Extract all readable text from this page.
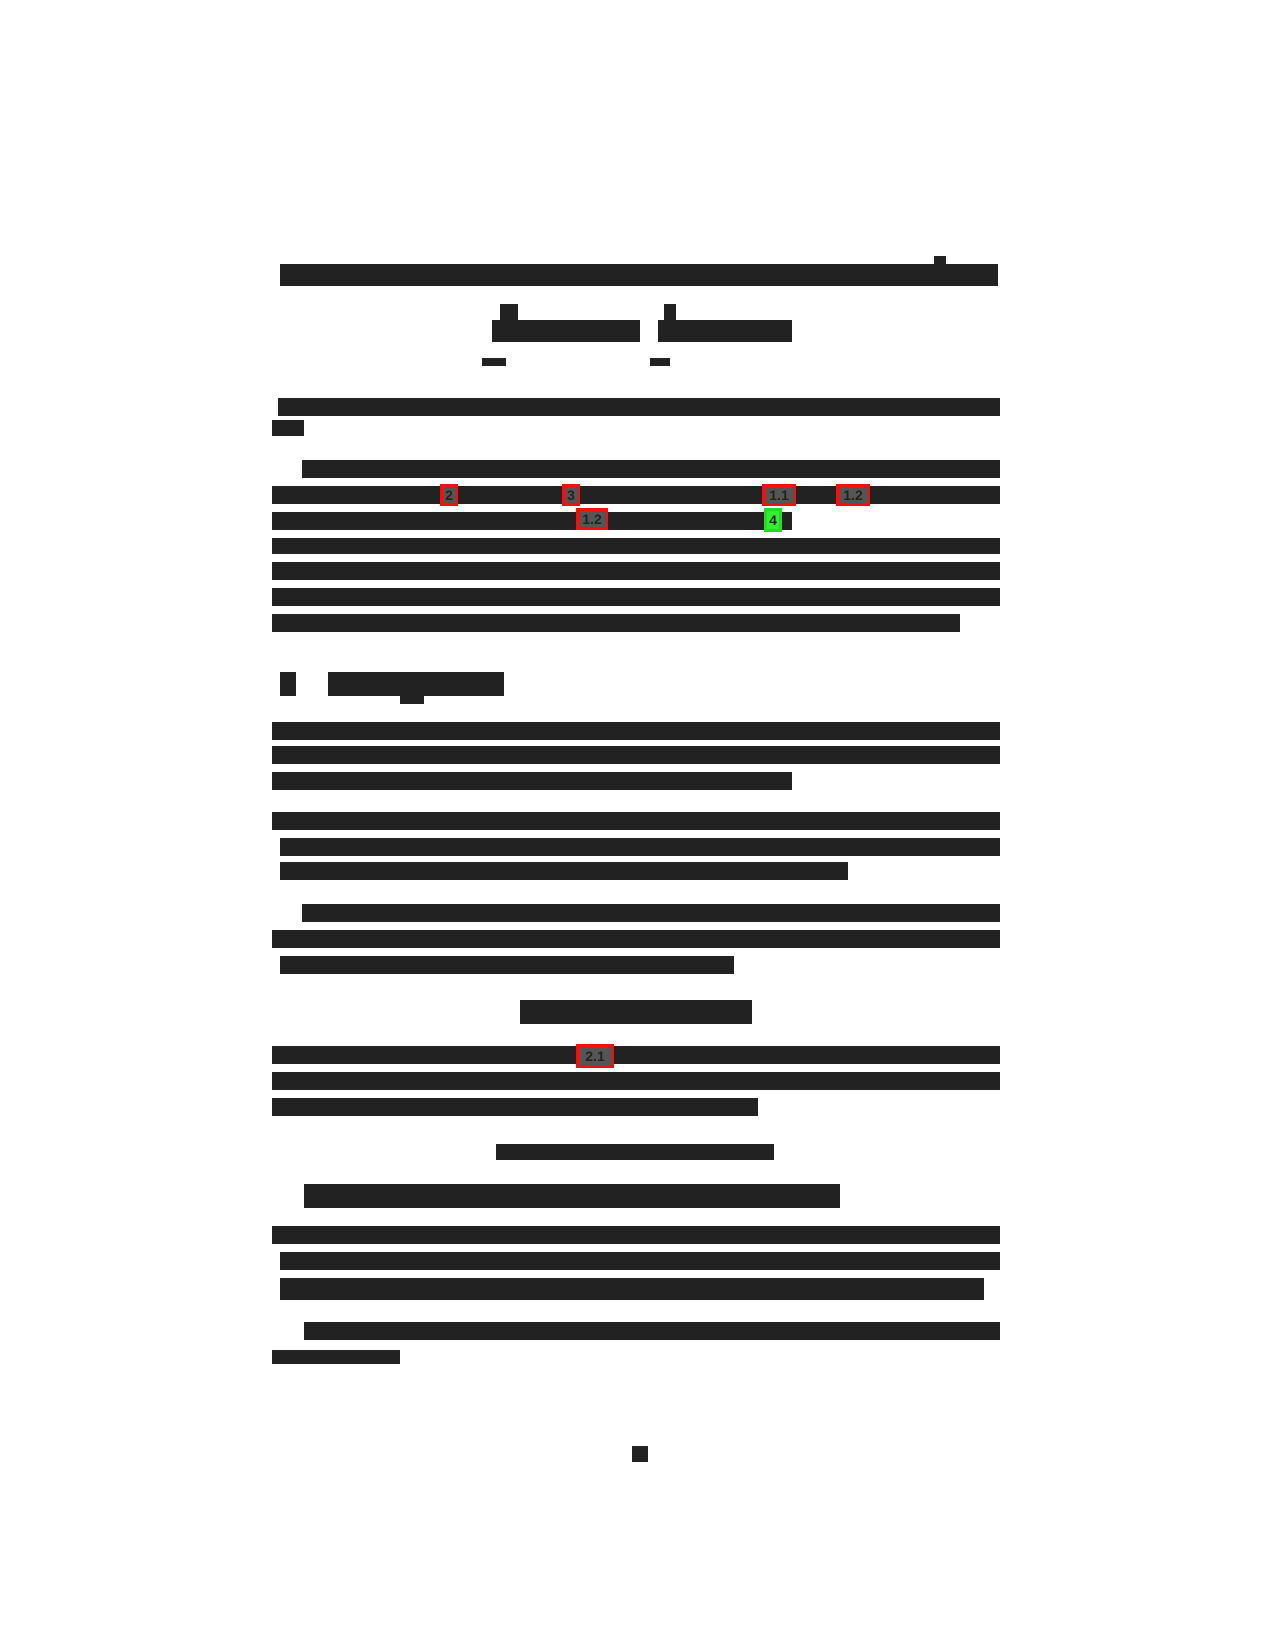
2	3	1.1	1.2
1.2	4
2.1
